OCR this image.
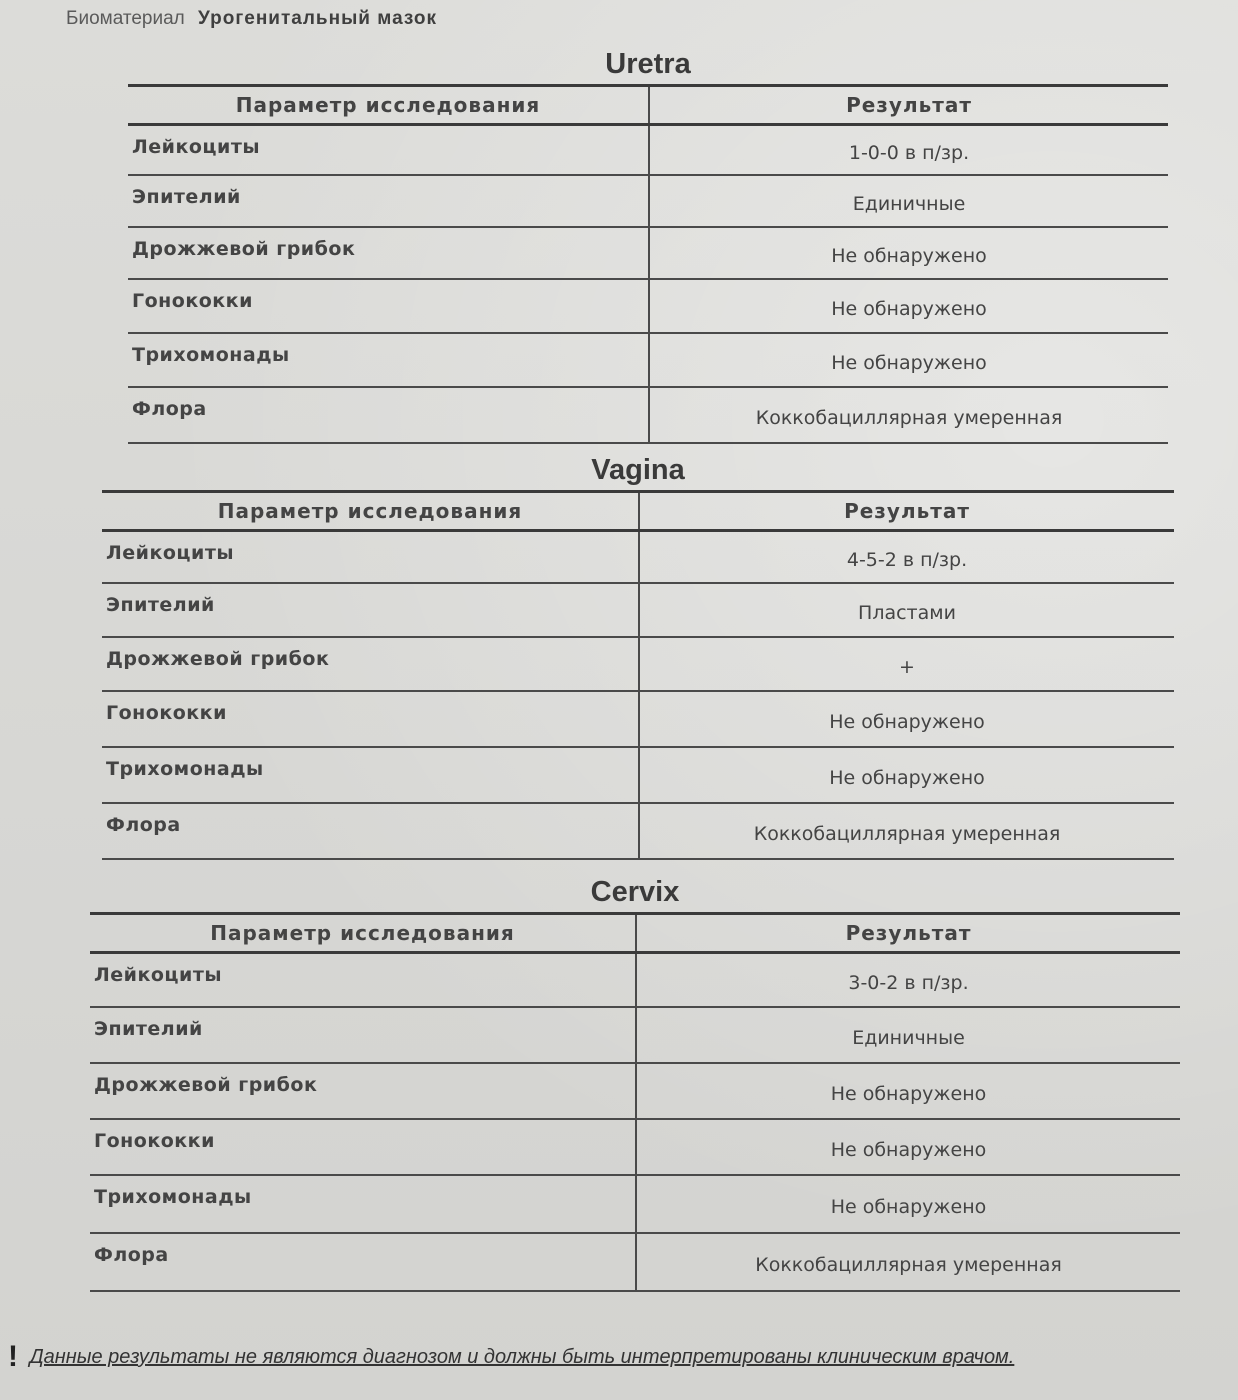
Биоматериал Урогенитальный мазок
Uretra
Параметр исследования	Результат
Лейкоциты	1-0-0 в п/зр.
Эпителий	Единичные
Дрожжевой грибок	Не обнаружено
Гонококки	Не обнаружено
Трихомонады	Не обнаружено
Флора	Коккобациллярная умеренная
Vagina
Параметр исследования	Результат
Лейкоциты	4-5-2 в п/зр.
Эпителий	Пластами
Дрожжевой грибок	+
Гонококки	Не обнаружено
Трихомонады	Не обнаружено
Флора	Коккобациллярная умеренная
Cervix
Параметр исследования	Результат
Лейкоциты	3-0-2 в п/зр.
Эпителий	Единичные
Дрожжевой грибок	Не обнаружено
Гонококки	Не обнаружено
Трихомонады	Не обнаружено
Флора	Коккобациллярная умеренная
! Данные результаты не являются диагнозом и должны быть интерпретированы клиническим врачом.
